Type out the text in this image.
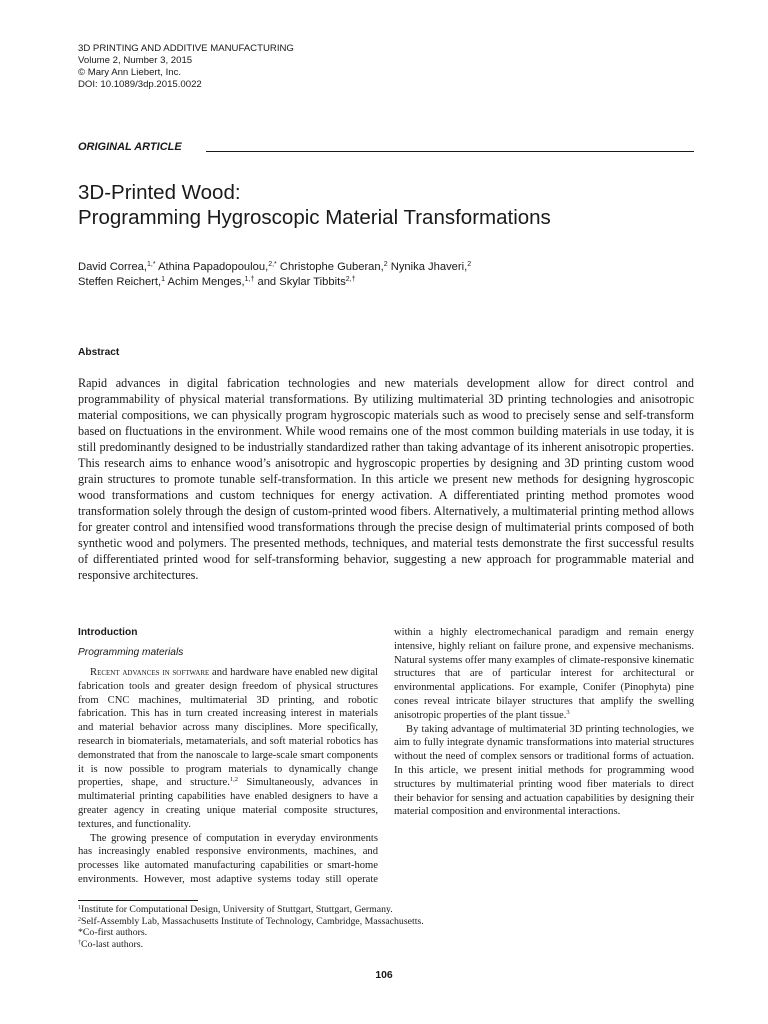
3D PRINTING AND ADDITIVE MANUFACTURING
Volume 2, Number 3, 2015
© Mary Ann Liebert, Inc.
DOI: 10.1089/3dp.2015.0022
ORIGINAL ARTICLE
3D-Printed Wood:
Programming Hygroscopic Material Transformations
David Correa,$^{1,*}$ Athina Papadopoulou,$^{2,*}$ Christophe Guberan,$^2$ Nynika Jhaveri,$^2$
Steffen Reichert,$^1$ Achim Menges,$^{1,\dagger}$ and Skylar Tibbits$^{2,\dagger}$
Abstract

Rapid advances in digital fabrication technologies and new materials development allow for direct control and programmability of physical material transformations. By utilizing multimaterial 3D printing technologies and anisotropic material compositions, we can physically program hygroscopic materials such as wood to precisely sense and self-transform based on fluctuations in the environment. While wood remains one of the most common building materials in use today, it is still predominantly designed to be industrially standardized rather than taking advantage of its inherent anisotropic properties. This research aims to enhance wood’s anisotropic and hygroscopic properties by designing and 3D printing custom wood grain structures to promote tunable self-transformation. In this article we present new methods for designing hygroscopic wood transformations and custom techniques for energy activation. A differentiated printing method promotes wood transformation solely through the design of custom-printed wood fibers. Alternatively, a multimaterial printing method allows for greater control and intensified wood transformations through the precise design of multimaterial prints composed of both synthetic wood and polymers. The presented methods, techniques, and material tests demonstrate the first successful results of differentiated printed wood for self-transforming behavior, suggesting a new approach for programmable material and responsive architectures.

Introduction
Programming materials

Recent advances in software and hardware have enabled new digital fabrication tools and greater design freedom of physical structures from CNC machines, multimaterial 3D printing, and robotic fabrication. This has in turn created increasing interest in materials and material behavior across many disciplines. More specifically, research in biomaterials, metamaterials, and soft material robotics has demonstrated that from the nanoscale to large-scale smart components it is now possible to program materials to dynamically change properties, shape, and structure.$^{1,2}$ Simultaneously, advances in multimaterial printing capabilities have enabled designers to have a greater agency in creating unique material composite structures, textures, and functionality.

The growing presence of computation in everyday environments has increasingly enabled responsive environments, machines, and processes like automated manufacturing capabilities or smart-home environments. However, most adaptive systems today still operate

within a highly electromechanical paradigm and remain energy intensive, highly reliant on failure prone, and expensive mechanisms. Natural systems offer many examples of climate-responsive kinematic structures that are of particular interest for architectural or environmental applications. For example, Conifer (Pinophyta) pine cones reveal intricate bilayer structures that amplify the swelling anisotropic properties of the plant tissue.$^3$

By taking advantage of multimaterial 3D printing technologies, we aim to fully integrate dynamic transformations into material structures without the need of complex sensors or traditional forms of actuation. In this article, we present initial methods for programming wood structures by multimaterial printing wood fiber materials to direct their behavior for sensing and actuation capabilities by designing their material composition and environmental interactions.

$^1$Institute for Computational Design, University of Stuttgart, Stuttgart, Germany.
$^2$Self-Assembly Lab, Massachusetts Institute of Technology, Cambridge, Massachusetts.
*Co-first authors.
†Co-last authors.
106
